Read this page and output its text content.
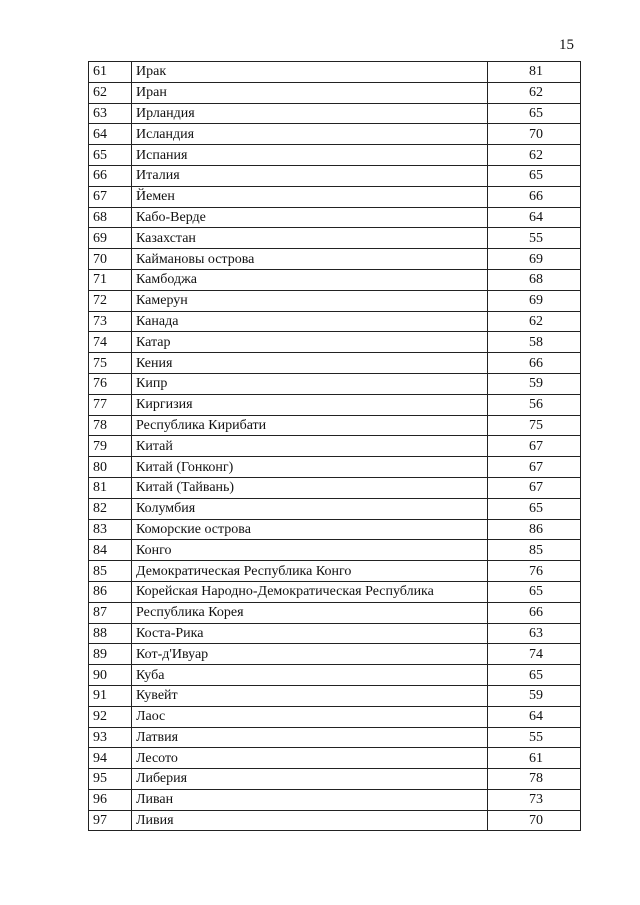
15
61	Ирак	81
62	Иран	62
63	Ирландия	65
64	Исландия	70
65	Испания	62
66	Италия	65
67	Йемен	66
68	Кабо-Верде	64
69	Казахстан	55
70	Каймановы острова	69
71	Камбоджа	68
72	Камерун	69
73	Канада	62
74	Катар	58
75	Кения	66
76	Кипр	59
77	Киргизия	56
78	Республика Кирибати	75
79	Китай	67
80	Китай (Гонконг)	67
81	Китай (Тайвань)	67
82	Колумбия	65
83	Коморские острова	86
84	Конго	85
85	Демократическая Республика Конго	76
86	Корейская Народно-Демократическая Республика	65
87	Республика Корея	66
88	Коста-Рика	63
89	Кот-д'Ивуар	74
90	Куба	65
91	Кувейт	59
92	Лаос	64
93	Латвия	55
94	Лесото	61
95	Либерия	78
96	Ливан	73
97	Ливия	70
